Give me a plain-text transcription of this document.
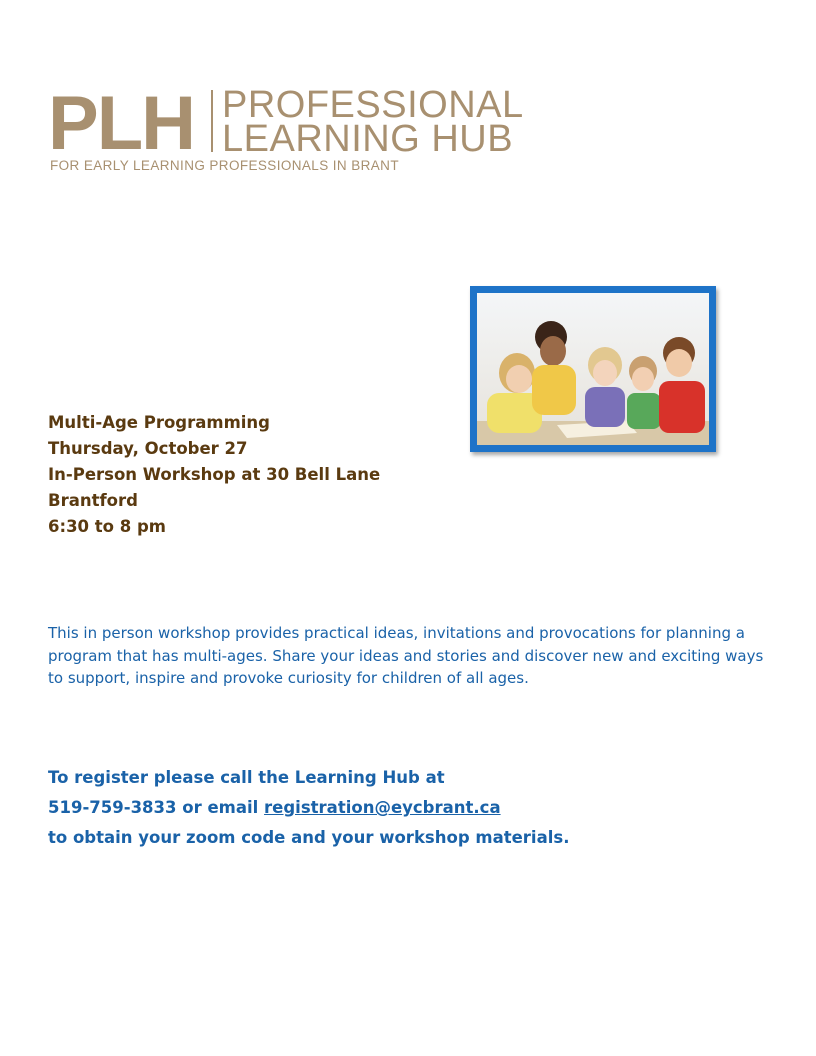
PLH PROFESSIONAL
LEARNING HUB
FOR EARLY LEARNING PROFESSIONALS IN BRANT
Multi-Age Programming
Thursday, October 27
In-Person Workshop at 30 Bell Lane
Brantford
6:30 to 8 pm
This in person workshop provides practical ideas, invitations and provocations for planning a program that has multi-ages. Share your ideas and stories and discover new and exciting ways to support, inspire and provoke curiosity for children of all ages.
To register please call the Learning Hub at
519-759-3833 or email registration@eycbrant.ca
to obtain your zoom code and your workshop materials.
